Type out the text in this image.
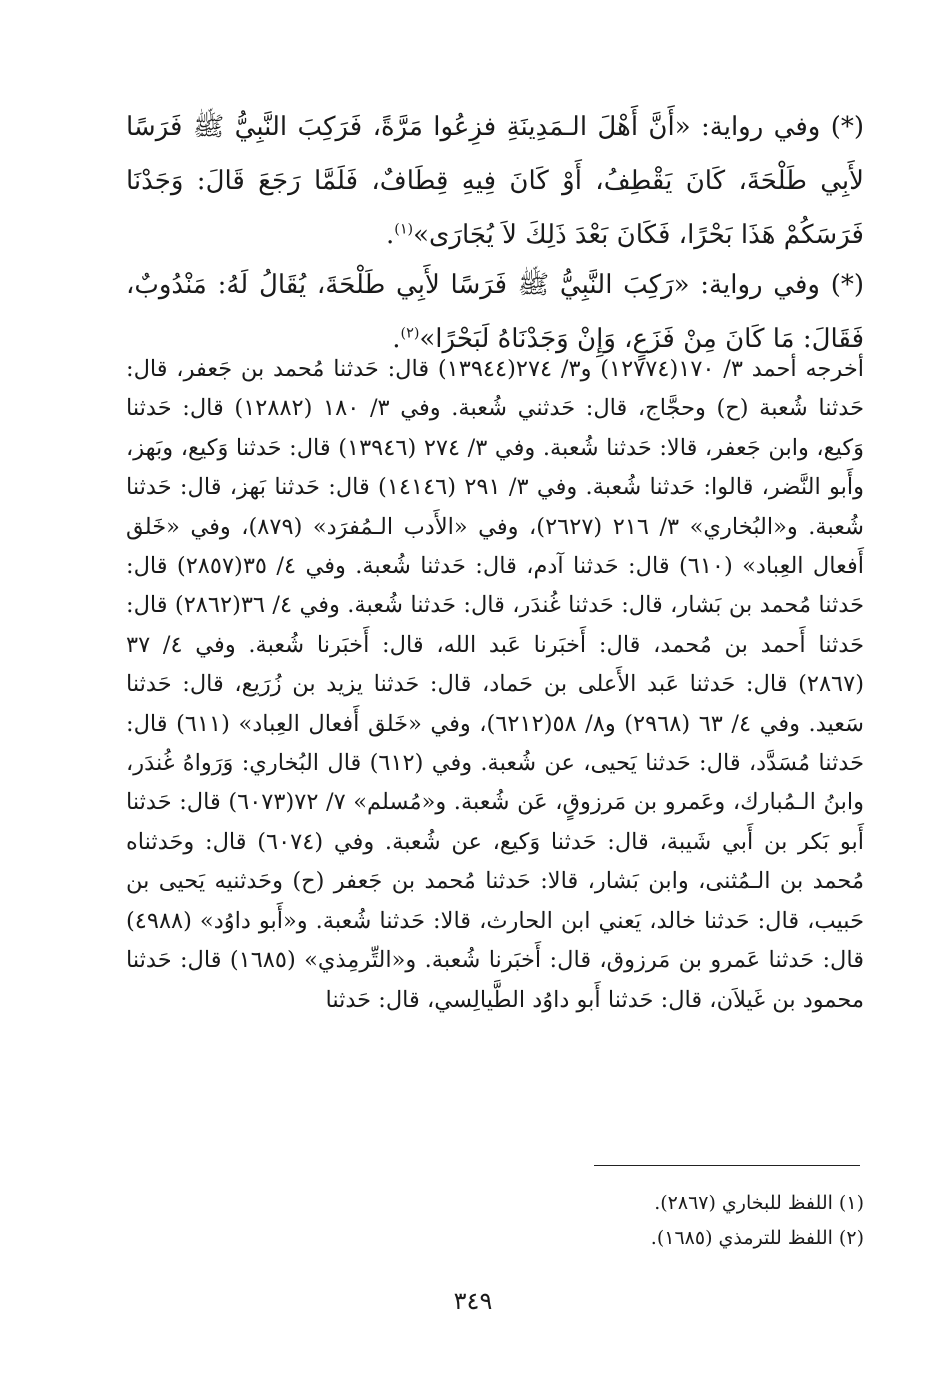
(*) وفي رواية: «أَنَّ أَهْلَ الـمَدِينَةِ فزِعُوا مَرَّةً، فَرَكِبَ النَّبِيُّ ﷺ فَرَسًا لأَبِي طَلْحَةَ، كَانَ يَقْطِفُ، أَوْ كَانَ فِيهِ قِطَافٌ، فَلَمَّا رَجَعَ قَالَ: وَجَدْنَا فَرَسَكُمْ هَذَا بَحْرًا، فَكَانَ بَعْدَ ذَلِكَ لاَ يُجَارَى»$^{(١)}$.

(*) وفي رواية: «رَكِبَ النَّبِيُّ ﷺ فَرَسًا لأَبِي طَلْحَةَ، يُقَالُ لَهُ: مَنْدُوبٌ، فَقَالَ: مَا كَانَ مِنْ فَزَعٍ، وَإِنْ وَجَدْنَاهُ لَبَحْرًا»$^{(٢)}$.

أخرجه أحمد ٣/ ١٧٠(١٢٧٧٤) و٣/ ٢٧٤(١٣٩٤٤) قال: حَدثنا مُحمد بن جَعفر، قال: حَدثنا شُعبة (ح) وحجَّاج، قال: حَدثني شُعبة. وفي ٣/ ١٨٠ (١٢٨٨٢) قال: حَدثنا وَكيع، وابن جَعفر، قالا: حَدثنا شُعبة. وفي ٣/ ٢٧٤ (١٣٩٤٦) قال: حَدثنا وَكيع، وبَهز، وأَبو النَّضر، قالوا: حَدثنا شُعبة. وفي ٣/ ٢٩١ (١٤١٤٦) قال: حَدثنا بَهز، قال: حَدثنا شُعبة. و«البُخاري» ٣/ ٢١٦ (٢٦٢٧)، وفي «الأَدب الـمُفرَد» (٨٧٩)، وفي «خَلق أَفعال العِباد» (٦١٠) قال: حَدثنا آدم، قال: حَدثنا شُعبة. وفي ٤/ ٣٥(٢٨٥٧) قال: حَدثنا مُحمد بن بَشار، قال: حَدثنا غُندَر، قال: حَدثنا شُعبة. وفي ٤/ ٣٦(٢٨٦٢) قال: حَدثنا أَحمد بن مُحمد، قال: أَخبَرنا عَبد الله، قال: أَخبَرنا شُعبة. وفي ٤/ ٣٧ (٢٨٦٧) قال: حَدثنا عَبد الأَعلى بن حَماد، قال: حَدثنا يزيد بن زُرَيع، قال: حَدثنا سَعيد. وفي ٤/ ٦٣ (٢٩٦٨) و٨/ ٥٨(٦٢١٢)، وفي «خَلق أَفعال العِباد» (٦١١) قال: حَدثنا مُسَدَّد، قال: حَدثنا يَحيى، عن شُعبة. وفي (٦١٢) قال البُخاري: وَرَواهُ غُندَر، وابنُ الـمُبارك، وعَمرو بن مَرزوقٍ، عَن شُعبة. و«مُسلم» ٧/ ٧٢(٦٠٧٣) قال: حَدثنا أَبو بَكر بن أَبي شَيبة، قال: حَدثنا وَكيع، عن شُعبة. وفي (٦٠٧٤) قال: وحَدثناه مُحمد بن الـمُثنى، وابن بَشار، قالا: حَدثنا مُحمد بن جَعفر (ح) وحَدثنيه يَحيى بن حَبيب، قال: حَدثنا خالد، يَعني ابن الحارث، قالا: حَدثنا شُعبة. و«أَبو داوُد» (٤٩٨٨) قال: حَدثنا عَمرو بن مَرزوق، قال: أَخبَرنا شُعبة. و«التِّرمِذي» (١٦٨٥) قال: حَدثنا محمود بن غَيلاَن، قال: حَدثنا أَبو داوُد الطَّيالِسي، قال: حَدثنا

(١) اللفظ للبخاري (٢٨٦٧).

(٢) اللفظ للترمذي (١٦٨٥).

٣٤٩
